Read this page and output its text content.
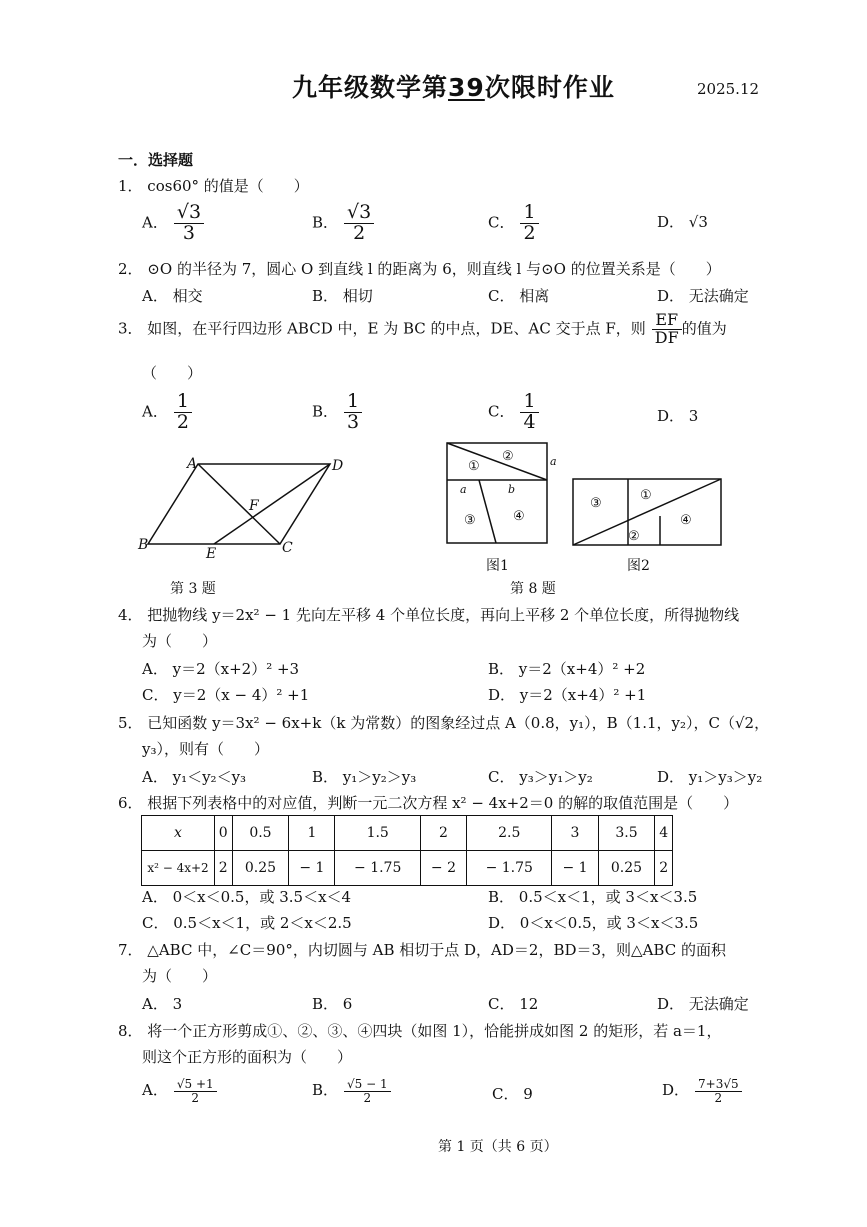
九年级数学第39次限时作业	2025.12
一．选择题
1． cos60° 的值是（　　）
A． $\frac{√3}{3}$	B． $\frac{√3}{2}$	C． $\frac{1}{2}$	D． √3
2． ⊙O 的半径为 7，圆心 O 到直线 l 的距离为 6，则直线 l 与⊙O 的位置关系是（　　）
A． 相交	B． 相切	C． 相离	D． 无法确定
3． 如图，在平行四边形 ABCD 中，E 为 BC 的中点，DE、AC 交于点 F，则 $\frac{EF}{DF}$ 的值为
（　　）
A． $\frac{1}{2}$	B． $\frac{1}{3}$	C． $\frac{1}{4}$	D． 3
A	D
B
E	C
F
第 3 题
①
②
③	④
a
a	b
图1
③
①
②
④
图2
第 8 题
4． 把抛物线 y＝2x² − 1 先向左平移 4 个单位长度，再向上平移 2 个单位长度，所得抛物线
为（　　）
A． y＝2（x+2）² +3	B． y＝2（x+4）² +2
C． y＝2（x − 4）² +1	D． y＝2（x+4）² +1
5． 已知函数 y＝3x² − 6x+k（k 为常数）的图象经过点 A（0.8，y₁），B（1.1，y₂），C（√2，
y₃），则有（　　）
A． y₁＜y₂＜y₃	B． y₁＞y₂＞y₃	C． y₃＞y₁＞y₂	D． y₁＞y₃＞y₂
6． 根据下列表格中的对应值，判断一元二次方程 x² − 4x+2＝0 的解的取值范围是（　　）
x	0	0.5	1	1.5	2	2.5	3	3.5	4
x² − 4x+2	2	0.25	− 1	− 1.75	− 2	− 1.75	− 1	0.25	2
A． 0＜x＜0.5，或 3.5＜x＜4	B． 0.5＜x＜1，或 3＜x＜3.5
C． 0.5＜x＜1，或 2＜x＜2.5	D． 0＜x＜0.5，或 3＜x＜3.5
7． △ABC 中，∠C＝90°，内切圆与 AB 相切于点 D，AD＝2，BD＝3，则△ABC 的面积
为（　　）
A． 3	B． 6	C． 12	D． 无法确定
8． 将一个正方形剪成①、②、③、④四块（如图 1），恰能拼成如图 2 的矩形，若 a＝1，
则这个正方形的面积为（　　）
A． $\frac{√5 +1}{2}$	B． $\frac{√5 - 1}{2}$	C． 9	D． $\frac{7+3√5}{2}$
第 1 页（共 6 页）
